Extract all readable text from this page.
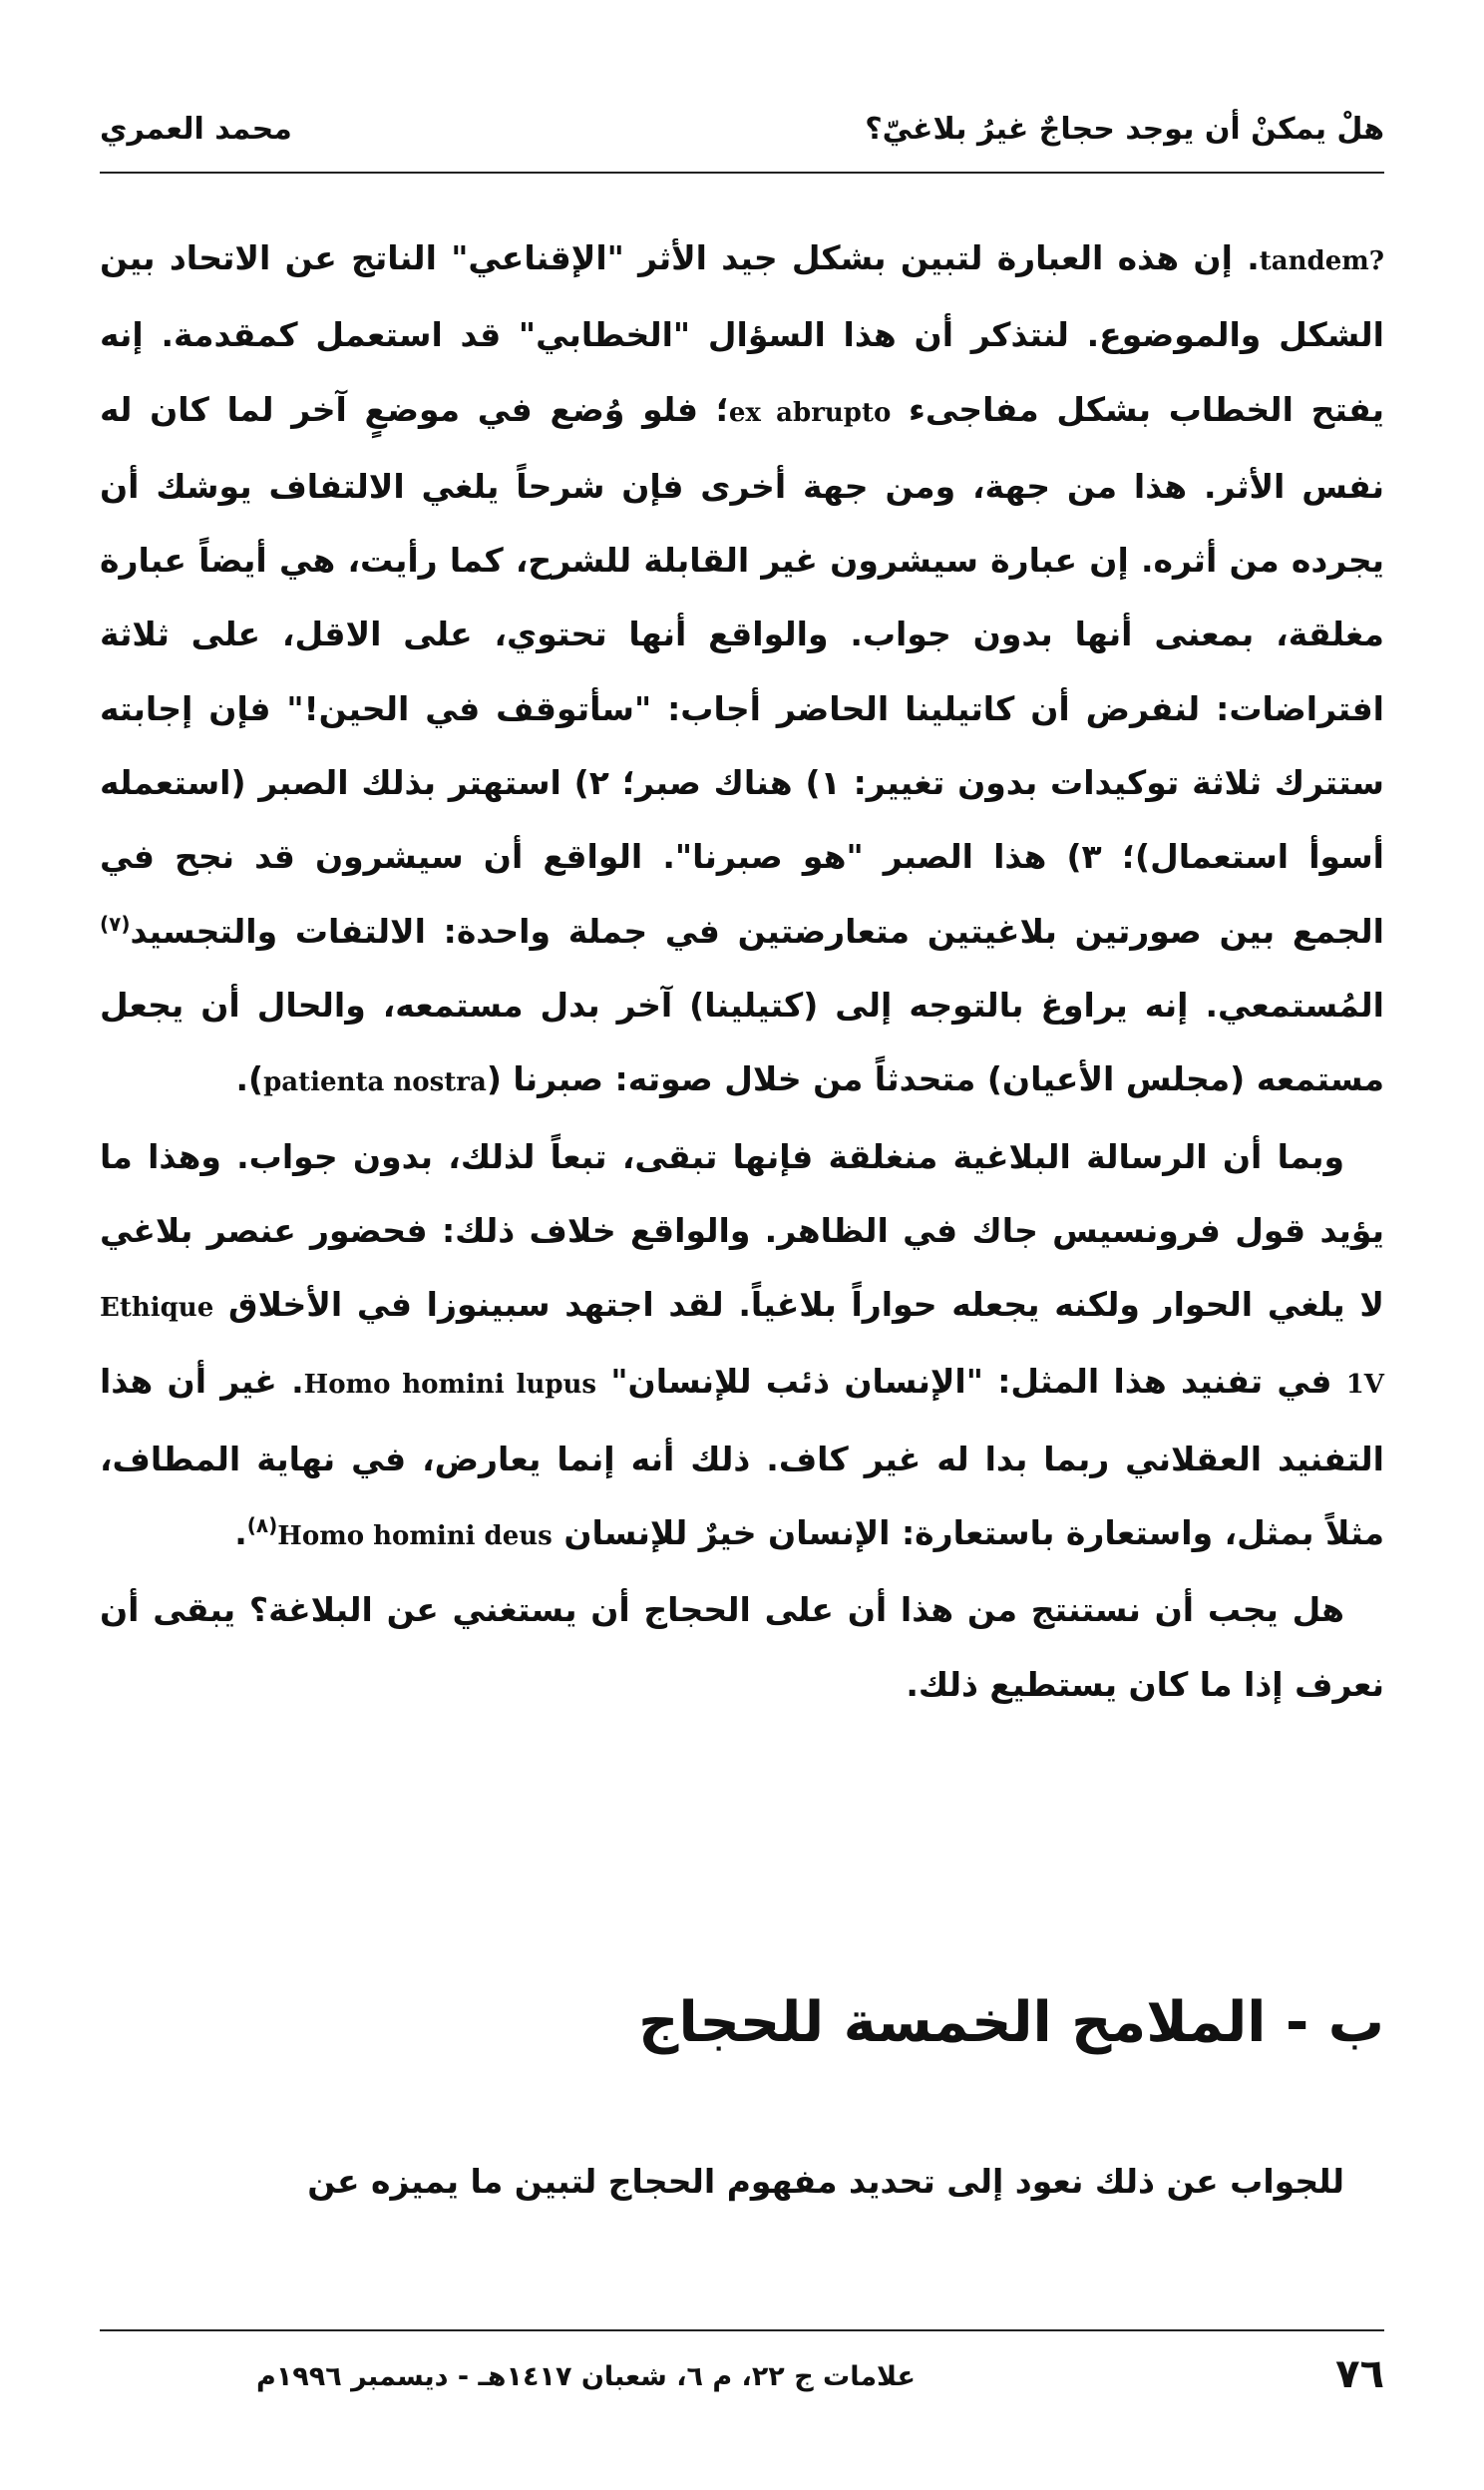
هلْ يمكنْ أن يوجد حجاجٌ غيرُ بلاغيّ؟
محمد العمري

tandem?. إن هذه العبارة لتبين بشكل جيد الأثر "الإقناعي" الناتج عن الاتحاد بين الشكل والموضوع. لنتذكر أن هذا السؤال "الخطابي" قد استعمل كمقدمة. إنه يفتح الخطاب بشكل مفاجىء ex abrupto؛ فلو وُضع في موضعٍ آخر لما كان له نفس الأثر. هذا من جهة، ومن جهة أخرى فإن شرحاً يلغي الالتفاف يوشك أن يجرده من أثره. إن عبارة سيشرون غير القابلة للشرح، كما رأيت، هي أيضاً عبارة مغلقة، بمعنى أنها بدون جواب. والواقع أنها تحتوي، على الاقل، على ثلاثة افتراضات: لنفرض أن كاتيلينا الحاضر أجاب: "سأتوقف في الحين!" فإن إجابته ستترك ثلاثة توكيدات بدون تغيير: ١) هناك صبر؛ ٢) استهتر بذلك الصبر (استعمله أسوأ استعمال)؛ ٣) هذا الصبر "هو صبرنا". الواقع أن سيشرون قد نجح في الجمع بين صورتين بلاغيتين متعارضتين في جملة واحدة: الالتفات والتجسيد$^{(٧)}$ المُستمعي. إنه يراوغ بالتوجه إلى (كتيلينا) آخر بدل مستمعه، والحال أن يجعل مستمعه (مجلس الأعيان) متحدثاً من خلال صوته: صبرنا (patienta nostra).

وبما أن الرسالة البلاغية منغلقة فإنها تبقى، تبعاً لذلك، بدون جواب. وهذا ما يؤيد قول فرونسيس جاك في الظاهر. والواقع خلاف ذلك: فحضور عنصر بلاغي لا يلغي الحوار ولكنه يجعله حواراً بلاغياً. لقد اجتهد سبينوزا في الأخلاق Ethique 1V في تفنيد هذا المثل: "الإنسان ذئب للإنسان" Homo homini lupus. غير أن هذا التفنيد العقلاني ربما بدا له غير كاف. ذلك أنه إنما يعارض، في نهاية المطاف، مثلاً بمثل، واستعارة باستعارة: الإنسان خيرٌ للإنسان Homo homini deus$^{(٨)}$.

هل يجب أن نستنتج من هذا أن على الحجاج أن يستغني عن البلاغة؟ يبقى أن نعرف إذا ما كان يستطيع ذلك.

ب - الملامح الخمسة للحجاج

للجواب عن ذلك نعود إلى تحديد مفهوم الحجاج لتبين ما يميزه عن

٧٦
علامات ج ٢٢، م ٦، شعبان ١٤١٧هـ - ديسمبر ١٩٩٦م
